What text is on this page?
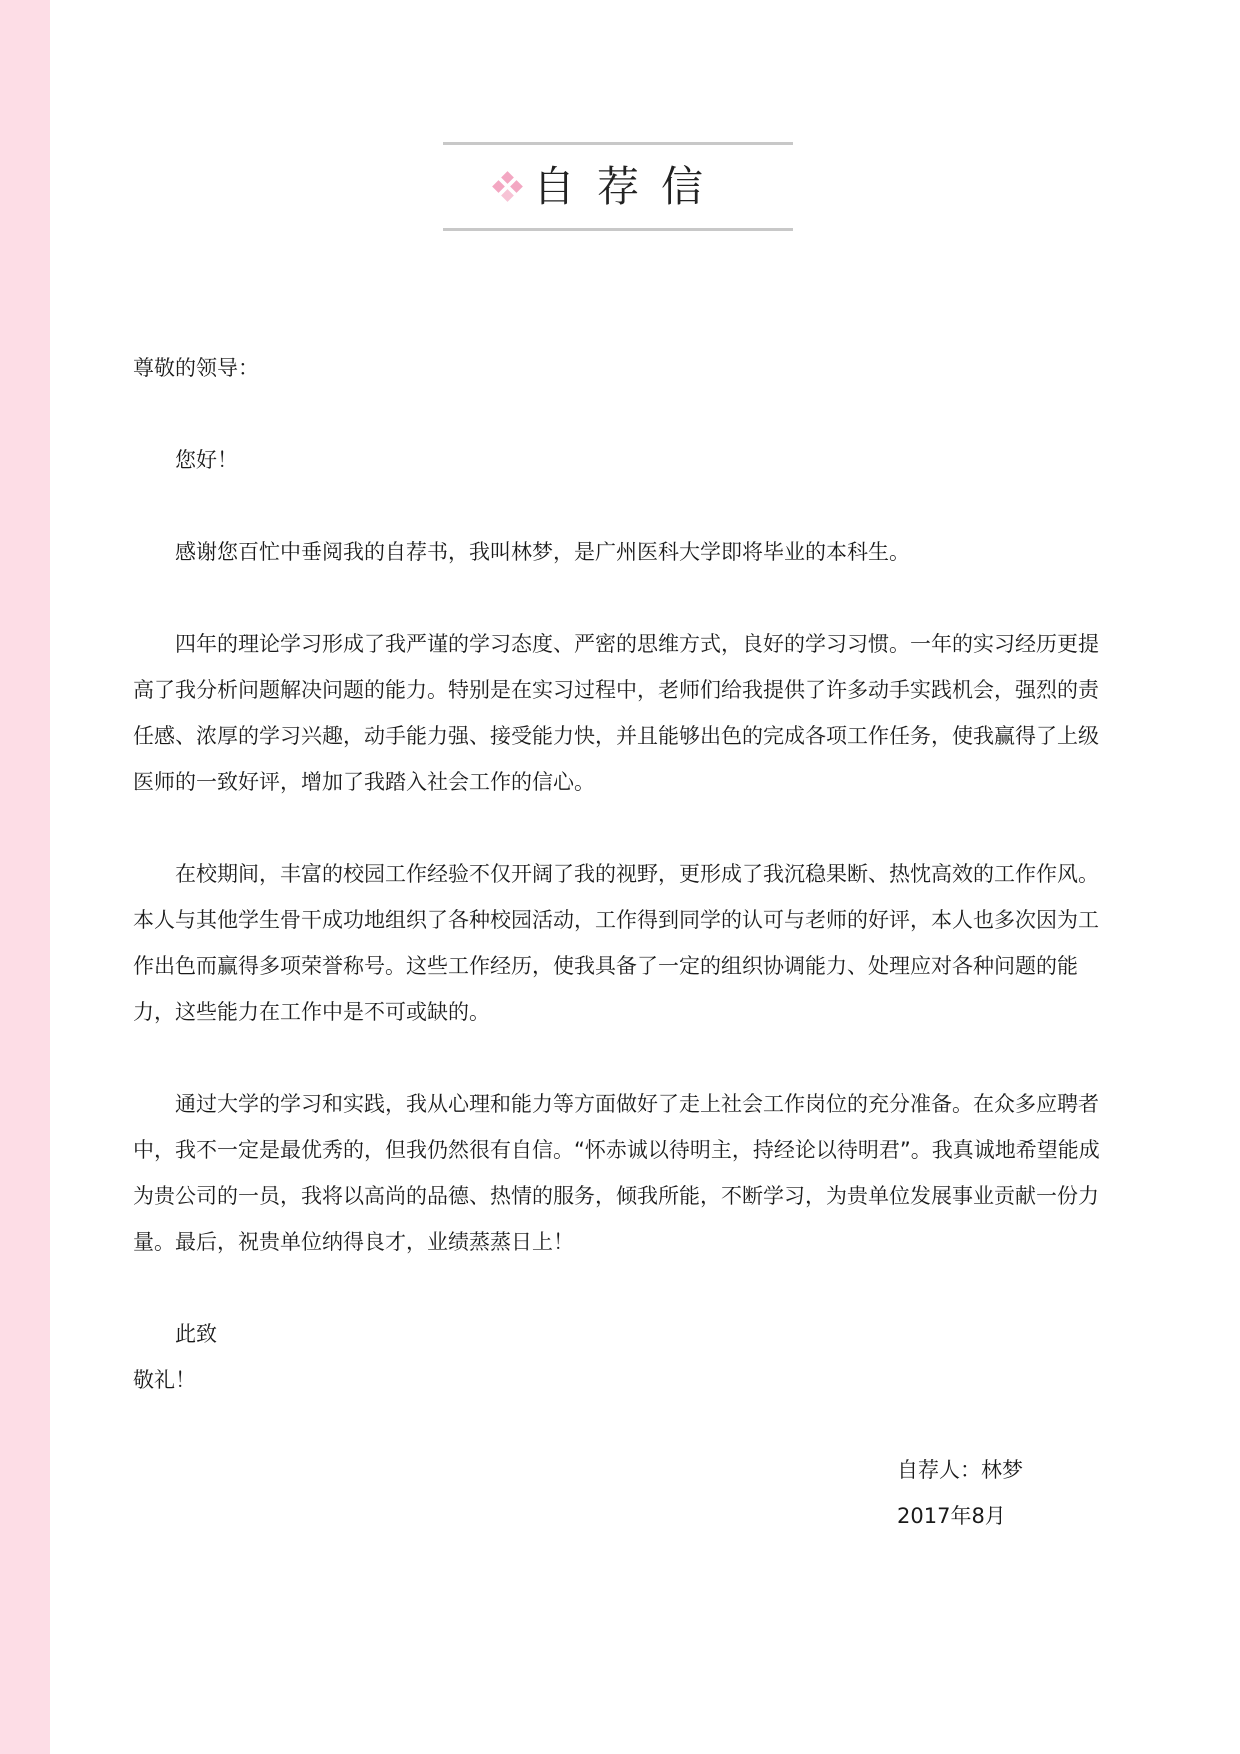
自荐信

尊敬的领导：

您好！

感谢您百忙中垂阅我的自荐书，我叫林梦，是广州医科大学即将毕业的本科生。

四年的理论学习形成了我严谨的学习态度、严密的思维方式，良好的学习习惯。一年的实习经历更提高了我分析问题解决问题的能力。特别是在实习过程中，老师们给我提供了许多动手实践机会，强烈的责任感、浓厚的学习兴趣，动手能力强、接受能力快，并且能够出色的完成各项工作任务，使我赢得了上级医师的一致好评，增加了我踏入社会工作的信心。

在校期间，丰富的校园工作经验不仅开阔了我的视野，更形成了我沉稳果断、热忱高效的工作作风。本人与其他学生骨干成功地组织了各种校园活动，工作得到同学的认可与老师的好评，本人也多次因为工作出色而赢得多项荣誉称号。这些工作经历，使我具备了一定的组织协调能力、处理应对各种问题的能力，这些能力在工作中是不可或缺的。

通过大学的学习和实践，我从心理和能力等方面做好了走上社会工作岗位的充分准备。在众多应聘者中，我不一定是最优秀的，但我仍然很有自信。“怀赤诚以待明主，持经论以待明君”。我真诚地希望能成为贵公司的一员，我将以高尚的品德、热情的服务，倾我所能，不断学习，为贵单位发展事业贡献一份力量。最后，祝贵单位纳得良才，业绩蒸蒸日上！

此致

敬礼！

自荐人：林梦
2017年8月
